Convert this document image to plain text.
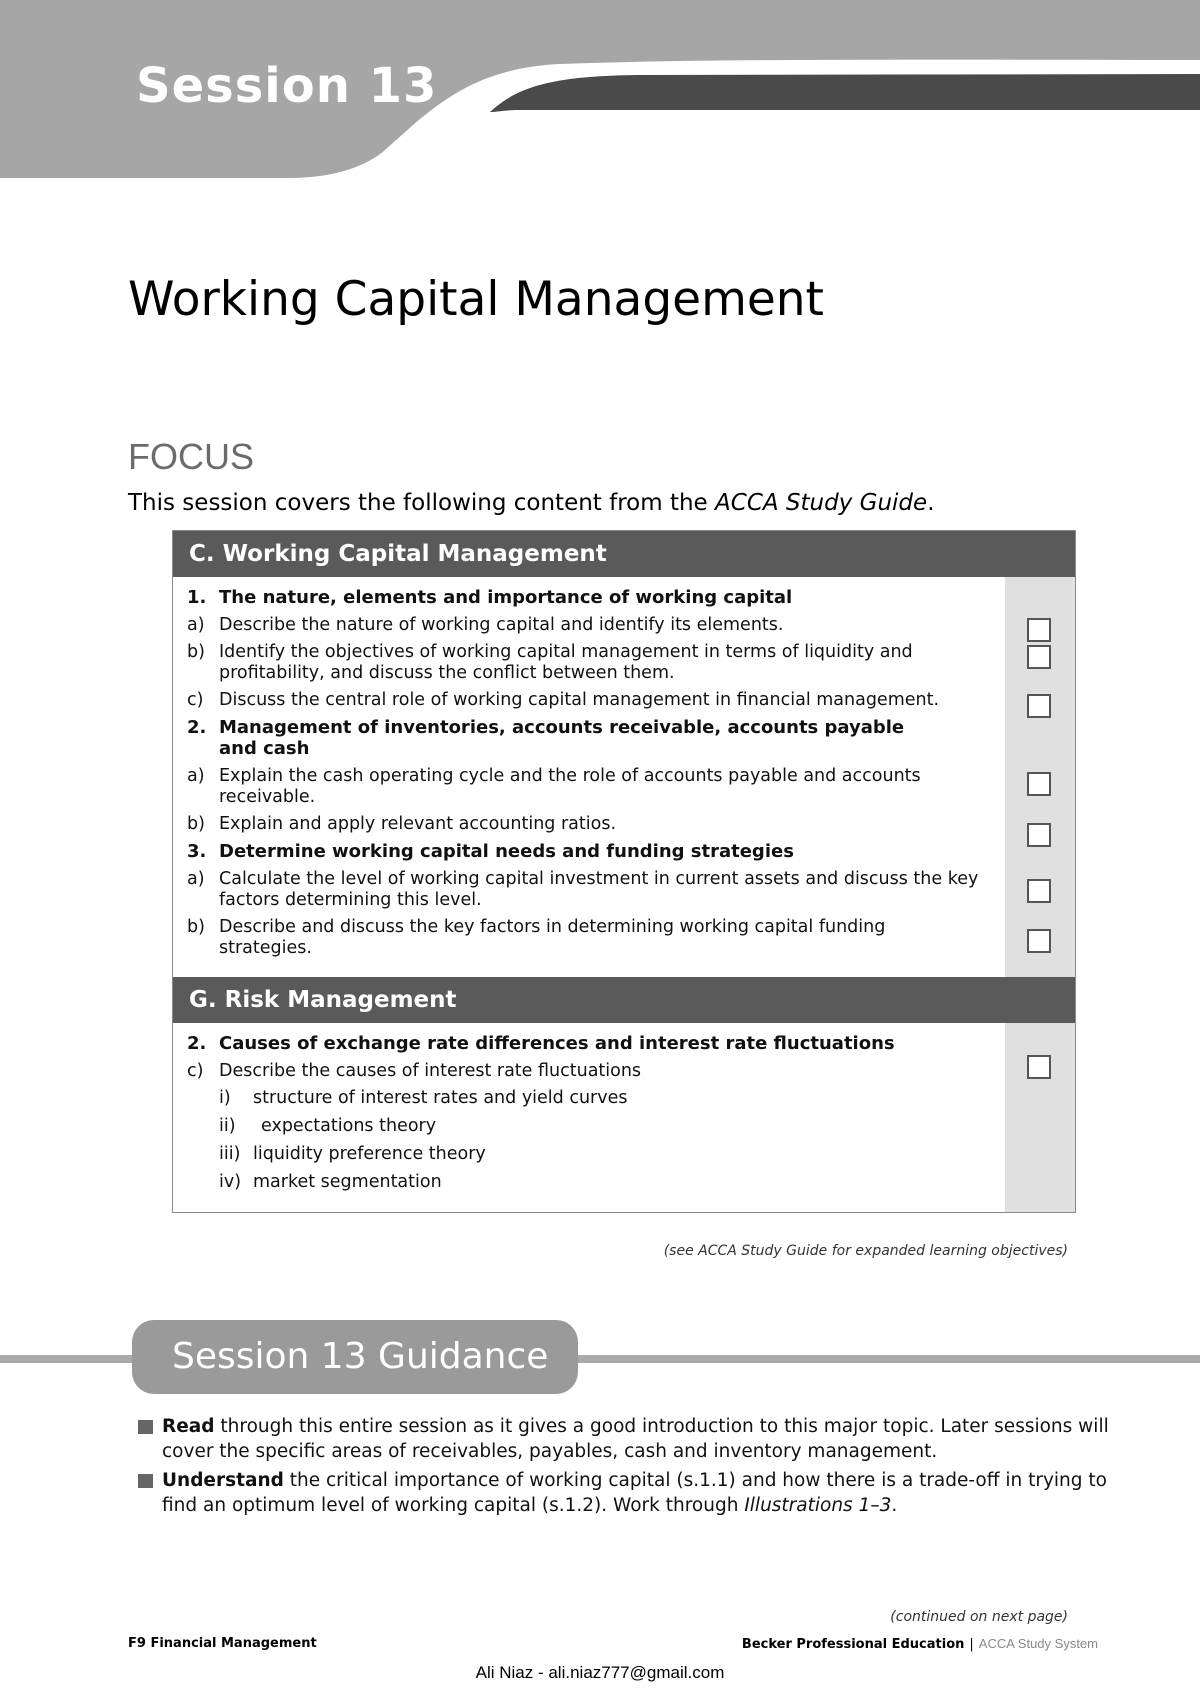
Session 13
Working Capital Management
FOCUS

This session covers the following content from the ACCA Study Guide.

C. Working Capital Management
1. The nature, elements and importance of working capital
a) Describe the nature of working capital and identify its elements.
b) Identify the objectives of working capital management in terms of liquidity and profitability, and discuss the conflict between them.
c) Discuss the central role of working capital management in financial management.
2. Management of inventories, accounts receivable, accounts payable and cash
a) Explain the cash operating cycle and the role of accounts payable and accounts receivable.
b) Explain and apply relevant accounting ratios.
3. Determine working capital needs and funding strategies
a) Calculate the level of working capital investment in current assets and discuss the key factors determining this level.
b) Describe and discuss the key factors in determining working capital funding strategies.
G. Risk Management
2. Causes of exchange rate differences and interest rate fluctuations
c) Describe the causes of interest rate fluctuations
i)	structure of interest rates and yield curves
ii)	expectations theory
iii) liquidity preference theory
iv) market segmentation

(see ACCA Study Guide for expanded learning objectives)

Session 13 Guidance
Read through this entire session as it gives a good introduction to this major topic. Later sessions will cover the specific areas of receivables, payables, cash and inventory management.
Understand the critical importance of working capital (s.1.1) and how there is a trade-off in trying to find an optimum level of working capital (s.1.2). Work through Illustrations 1–3.

(continued on next page)

F9 Financial Management	Becker Professional Education | ACCA Study System

Ali Niaz - ali.niaz777@gmail.com
